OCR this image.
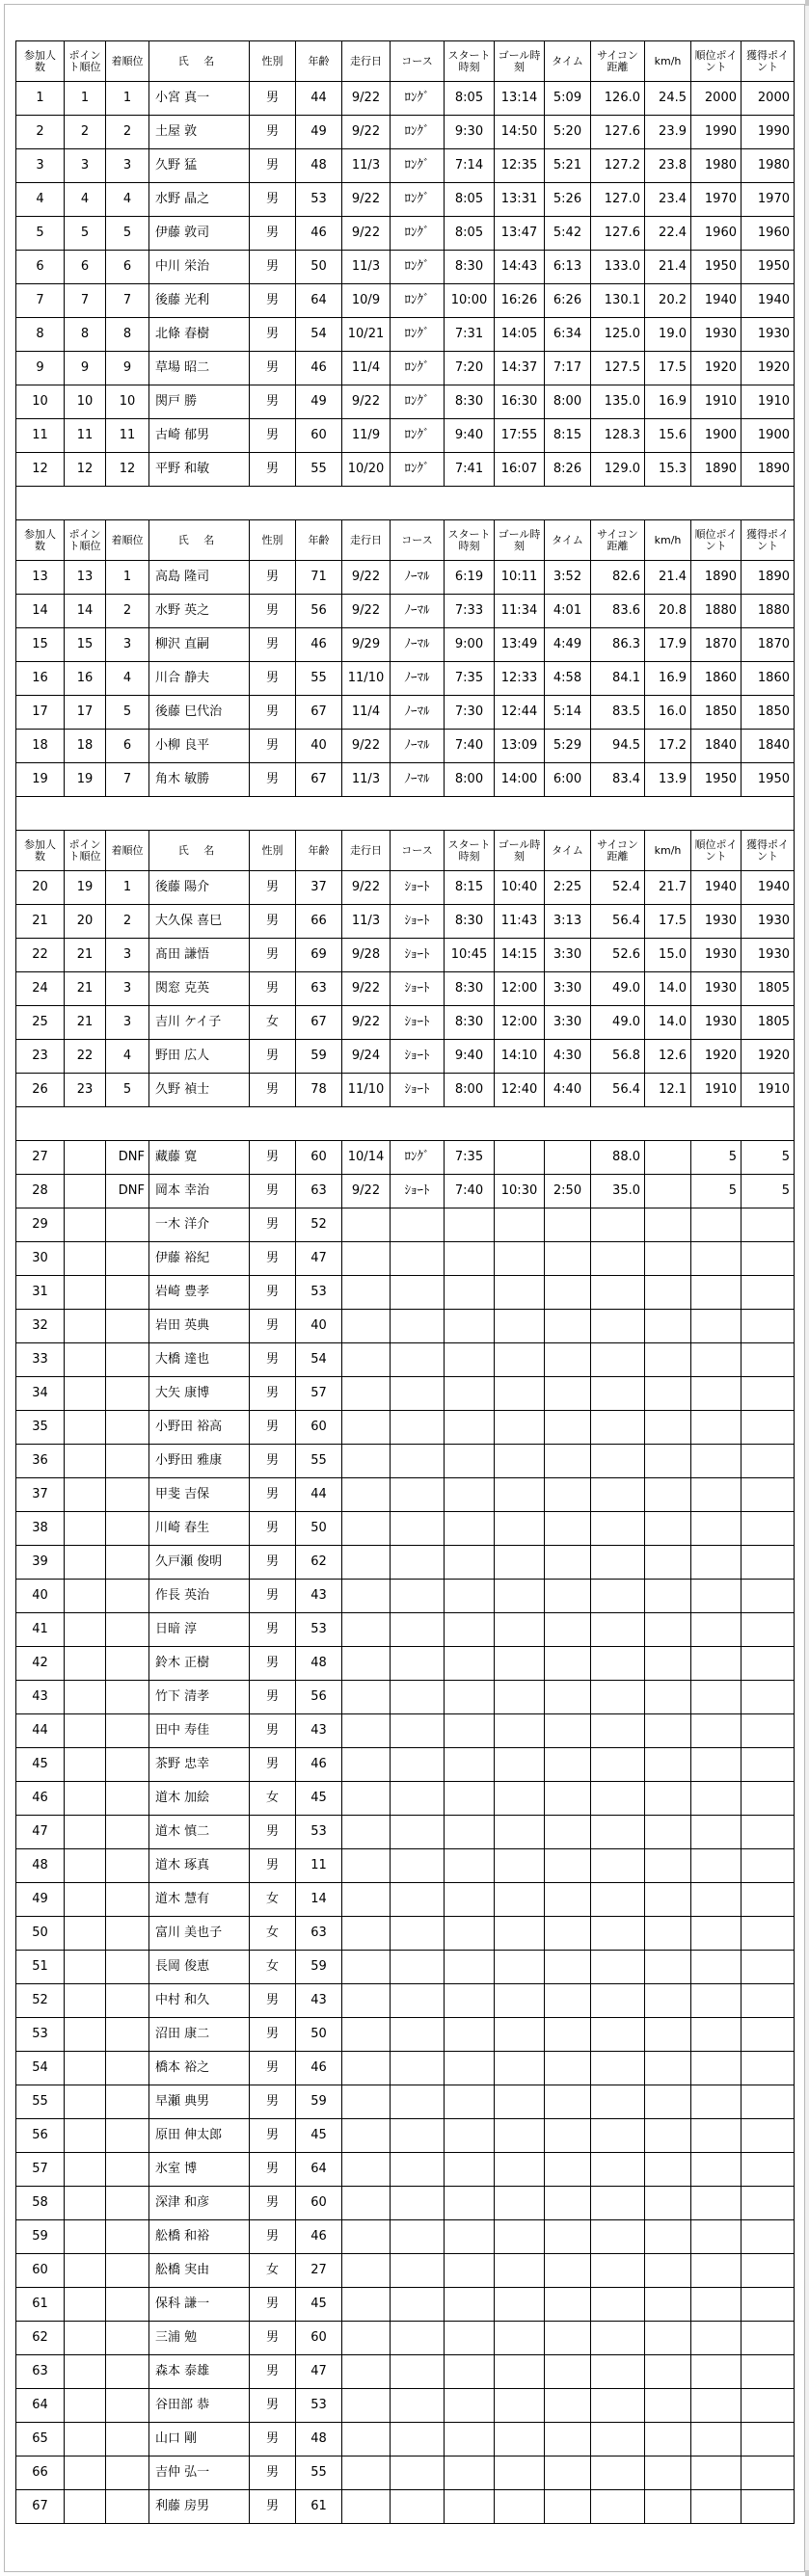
参加人数	ポイント順位	着順位	氏 名	性別	年齢	走行日	コース	スタート時刻	ゴール時刻	タイム	サイコン距離	km/h	順位ポイント	獲得ポイント
1	1	1	小宮 真一	男	44	9/22	ﾛﾝｸﾞ	8:05	13:14	5:09	126.0	24.5	2000	2000
2	2	2	土屋 敦	男	49	9/22	ﾛﾝｸﾞ	9:30	14:50	5:20	127.6	23.9	1990	1990
3	3	3	久野 猛	男	48	11/3	ﾛﾝｸﾞ	7:14	12:35	5:21	127.2	23.8	1980	1980
4	4	4	水野 晶之	男	53	9/22	ﾛﾝｸﾞ	8:05	13:31	5:26	127.0	23.4	1970	1970
5	5	5	伊藤 敦司	男	46	9/22	ﾛﾝｸﾞ	8:05	13:47	5:42	127.6	22.4	1960	1960
6	6	6	中川 栄治	男	50	11/3	ﾛﾝｸﾞ	8:30	14:43	6:13	133.0	21.4	1950	1950
7	7	7	後藤 光利	男	64	10/9	ﾛﾝｸﾞ	10:00	16:26	6:26	130.1	20.2	1940	1940
8	8	8	北條 春樹	男	54	10/21	ﾛﾝｸﾞ	7:31	14:05	6:34	125.0	19.0	1930	1930
9	9	9	草場 昭二	男	46	11/4	ﾛﾝｸﾞ	7:20	14:37	7:17	127.5	17.5	1920	1920
10	10	10	関戸 勝	男	49	9/22	ﾛﾝｸﾞ	8:30	16:30	8:00	135.0	16.9	1910	1910
11	11	11	古崎 郁男	男	60	11/9	ﾛﾝｸﾞ	9:40	17:55	8:15	128.3	15.6	1900	1900
12	12	12	平野 和敏	男	55	10/20	ﾛﾝｸﾞ	7:41	16:07	8:26	129.0	15.3	1890	1890

参加人数	ポイント順位	着順位	氏 名	性別	年齢	走行日	コース	スタート時刻	ゴール時刻	タイム	サイコン距離	km/h	順位ポイント	獲得ポイント
13	13	1	高島 隆司	男	71	9/22	ﾉｰﾏﾙ	6:19	10:11	3:52	82.6	21.4	1890	1890
14	14	2	水野 英之	男	56	9/22	ﾉｰﾏﾙ	7:33	11:34	4:01	83.6	20.8	1880	1880
15	15	3	柳沢 直嗣	男	46	9/29	ﾉｰﾏﾙ	9:00	13:49	4:49	86.3	17.9	1870	1870
16	16	4	川合 静夫	男	55	11/10	ﾉｰﾏﾙ	7:35	12:33	4:58	84.1	16.9	1860	1860
17	17	5	後藤 巳代治	男	67	11/4	ﾉｰﾏﾙ	7:30	12:44	5:14	83.5	16.0	1850	1850
18	18	6	小柳 良平	男	40	9/22	ﾉｰﾏﾙ	7:40	13:09	5:29	94.5	17.2	1840	1840
19	19	7	角木 敏勝	男	67	11/3	ﾉｰﾏﾙ	8:00	14:00	6:00	83.4	13.9	1950	1950

参加人数	ポイント順位	着順位	氏 名	性別	年齢	走行日	コース	スタート時刻	ゴール時刻	タイム	サイコン距離	km/h	順位ポイント	獲得ポイント
20	19	1	後藤 陽介	男	37	9/22	ｼｮｰﾄ	8:15	10:40	2:25	52.4	21.7	1940	1940
21	20	2	大久保 喜巳	男	66	11/3	ｼｮｰﾄ	8:30	11:43	3:13	56.4	17.5	1930	1930
22	21	3	髙田 謙悟	男	69	9/28	ｼｮｰﾄ	10:45	14:15	3:30	52.6	15.0	1930	1930
24	21	3	関窓 克英	男	63	9/22	ｼｮｰﾄ	8:30	12:00	3:30	49.0	14.0	1930	1805
25	21	3	吉川 ケイ子	女	67	9/22	ｼｮｰﾄ	8:30	12:00	3:30	49.0	14.0	1930	1805
23	22	4	野田 広人	男	59	9/24	ｼｮｰﾄ	9:40	14:10	4:30	56.8	12.6	1920	1920
26	23	5	久野 禎士	男	78	11/10	ｼｮｰﾄ	8:00	12:40	4:40	56.4	12.1	1910	1910

27		DNF	藏藤 寛	男	60	10/14	ﾛﾝｸﾞ	7:35			88.0		5	5
28		DNF	岡本 幸治	男	63	9/22	ｼｮｰﾄ	7:40	10:30	2:50	35.0		5	5
29			一木 洋介	男	52									
30			伊藤 裕紀	男	47									
31			岩崎 豊孝	男	53									
32			岩田 英典	男	40									
33			大橋 達也	男	54									
34			大矢 康博	男	57									
35			小野田 裕高	男	60									
36			小野田 雅康	男	55									
37			甲斐 吉保	男	44									
38			川崎 春生	男	50									
39			久戸瀬 俊明	男	62									
40			作長 英治	男	43									
41			日暗 淳	男	53									
42			鈴木 正樹	男	48									
43			竹下 清孝	男	56									
44			田中 寿佳	男	43									
45			茶野 忠幸	男	46									
46			道木 加絵	女	45									
47			道木 慎二	男	53									
48			道木 琢真	男	11									
49			道木 慧有	女	14									
50			富川 美也子	女	63									
51			長岡 俊恵	女	59									
52			中村 和久	男	43									
53			沼田 康二	男	50									
54			橋本 裕之	男	46									
55			早瀬 典男	男	59									
56			原田 伸太郎	男	45									
57			氷室 博	男	64									
58			深津 和彦	男	60									
59			舩橋 和裕	男	46									
60			舩橋 実由	女	27									
61			保科 謙一	男	45									
62			三浦 勉	男	60									
63			森本 泰雄	男	47									
64			谷田部 恭	男	53									
65			山口 剛	男	48									
66			吉仲 弘一	男	55									
67			利藤 房男	男	61									
